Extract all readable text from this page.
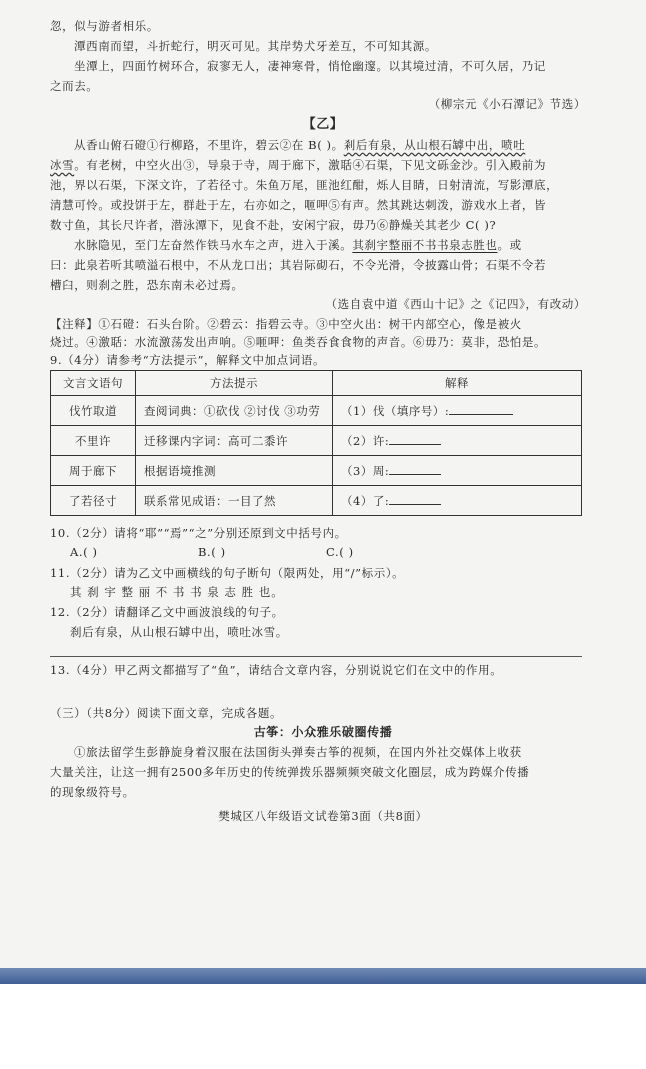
忽，似与游者相乐。
潭西南而望，斗折蛇行，明灭可见。其岸势犬牙差互，不可知其源。
坐潭上，四面竹树环合，寂寥无人，凄神寒骨，悄怆幽邃。以其境过清，不可久居，乃记
之而去。
（柳宗元《小石潭记》节选）
【乙】
从香山俯石磴①行柳路，不里许，碧云②在 B( )。剎后有泉，从山根石罅中出，喷吐
冰雪。有老树，中空火出③，导泉于寺，周于廊下，激聒④石渠，下见文砾金沙。引入殿前为
池，界以石渠，下深文许，了若径寸。朱鱼万尾，匪池红酣，烁人目睛，日射清流，写影潭底，
清慧可怜。或投饼于左，群赴于左，右亦如之，咂呷⑤有声。然其跳达刺泼，游戏水上者，皆
数寸鱼，其长尺许者，潜泳潭下，见食不赴，安闲宁寂，毋乃⑥静燥关其老少 C( )?
水脉隐见，至门左奋然作铁马水车之声，进入于溪。其刹宇整丽不书书泉志胜也。或
曰：此泉若听其喷溢石根中，不从龙口出；其岩际砌石，不令光滑，令披露山骨；石渠不令若
槽臼，则刹之胜，恐东南未必过焉。
（选自袁中道《西山十记》之《记四》，有改动）
【注释】①石磴：石头台阶。②碧云：指碧云寺。③中空火出：树干内部空心，像是被火
烧过。④激聒：水流激荡发出声响。⑤咂呷：鱼类吞食食物的声音。⑥毋乃：莫非，恐怕是。
9.（4分）请参考“方法提示”，解释文中加点词语。
文言文语句	方法提示	解释
伐竹取道	查阅词典：①砍伐 ②讨伐 ③功劳	（1）伐（填序号）:
不里许	迁移课内字词：高可二黍许	（2）许:
周于廊下	根据语境推测	（3）周:
了若径寸	联系常见成语：一目了然	（4）了:
10.（2分）请将“耶”“焉”“之”分别还原到文中括号内。
A.( )	B.( )	C.( )
11.（2分）请为乙文中画横线的句子断句（限两处，用“/”标示）。
其 刹 宇 整 丽 不 书 书 泉 志 胜 也。
12.（2分）请翻译乙文中画波浪线的句子。
刹后有泉，从山根石罅中出，喷吐冰雪。
13.（4分）甲乙两文都描写了“鱼”，请结合文章内容，分别说说它们在文中的作用。
（三）（共8分）阅读下面文章，完成各题。
古筝：小众雅乐破圈传播
①旅法留学生彭静旋身着汉服在法国街头弹奏古筝的视频，在国内外社交媒体上收获
大量关注，让这一拥有2500多年历史的传统弹拨乐器频频突破文化圈层，成为跨媒介传播
的现象级符号。
樊城区八年级语文试卷第3面（共8面）
